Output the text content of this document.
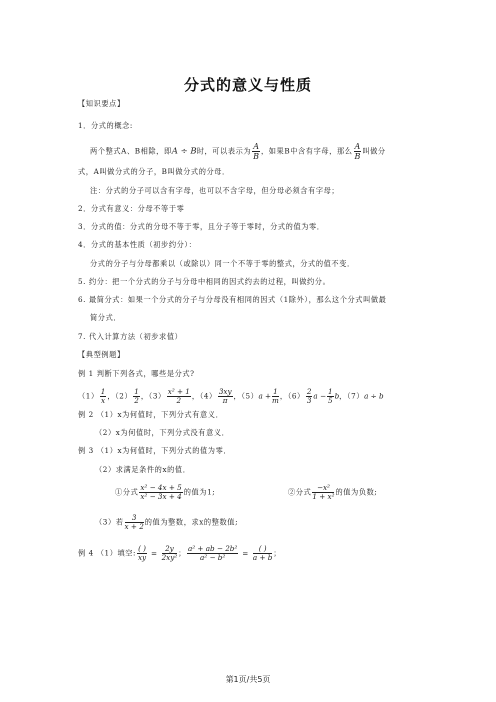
分式的意义与性质
【知识要点】
1．分式的概念:
两个整式A、B相除，即A ÷ B时，可以表示为 $\frac{A}{B}$ ，如果B中含有字母，那么 $\frac{A}{B}$ 叫做分
式，A叫做分式的分子，B叫做分式的分母．
注：分式的分子可以含有字母，也可以不含字母，但分母必须含有字母；
2．分式有意义：分母不等于零
3．分式的值：分式的分母不等于零，且分子等于零时，分式的值为零．
4．分式的基本性质（初步约分）：
分式的分子与分母都乘以（或除以）同一个不等于零的整式，分式的值不变．
5. 约分：把一个分式的分子与分母中相同的因式约去的过程，叫做约分。
6. 最简分式：如果一个分式的分子与分母没有相同的因式（1除外），那么这个分式叫做最
简分式．
7. 代入计算方法（初步求值）
【典型例题】
例 1 判断下列各式，哪些是分式?
$(1) \frac{1}{x}$ ，$(2) \frac{1}{2}$ ，$(3) \frac{\text{x² + 1}}{2}$ ，$(4) \frac{3xy}{\pi}$ ，$(5)a + \frac{1}{m}$ ，$(6) \frac{2}{3}$ $a - \frac{1}{5}$ b，（7）a ÷ b
例 2 （1）x为何值时，下列分式有意义．
（2）x为何值时，下列分式没有意义．
例 3 （1）x为何值时，下列分式的值为零．
（2）求满足条件的x的值．
①分式 $\frac{\text{x² − 4x + 5}}{\text{x² − 3x + 4}}$ 的值为1;	②分式 $\frac{\text{−x²}}{\text{1 + x²}}$ 的值为负数;
（3）若 $\frac{3}{x + 2}$ 的值为整数，求x的整数值;
例 4 （1）填空: $\frac{( )}{xy} = \frac{2y}{\text{2xy²}}$ ； $\frac{\text{a² + ab − 2b²}}{\text{a² − b²}} = \frac{( )}{a + b}$ ；
第1页/共5页
